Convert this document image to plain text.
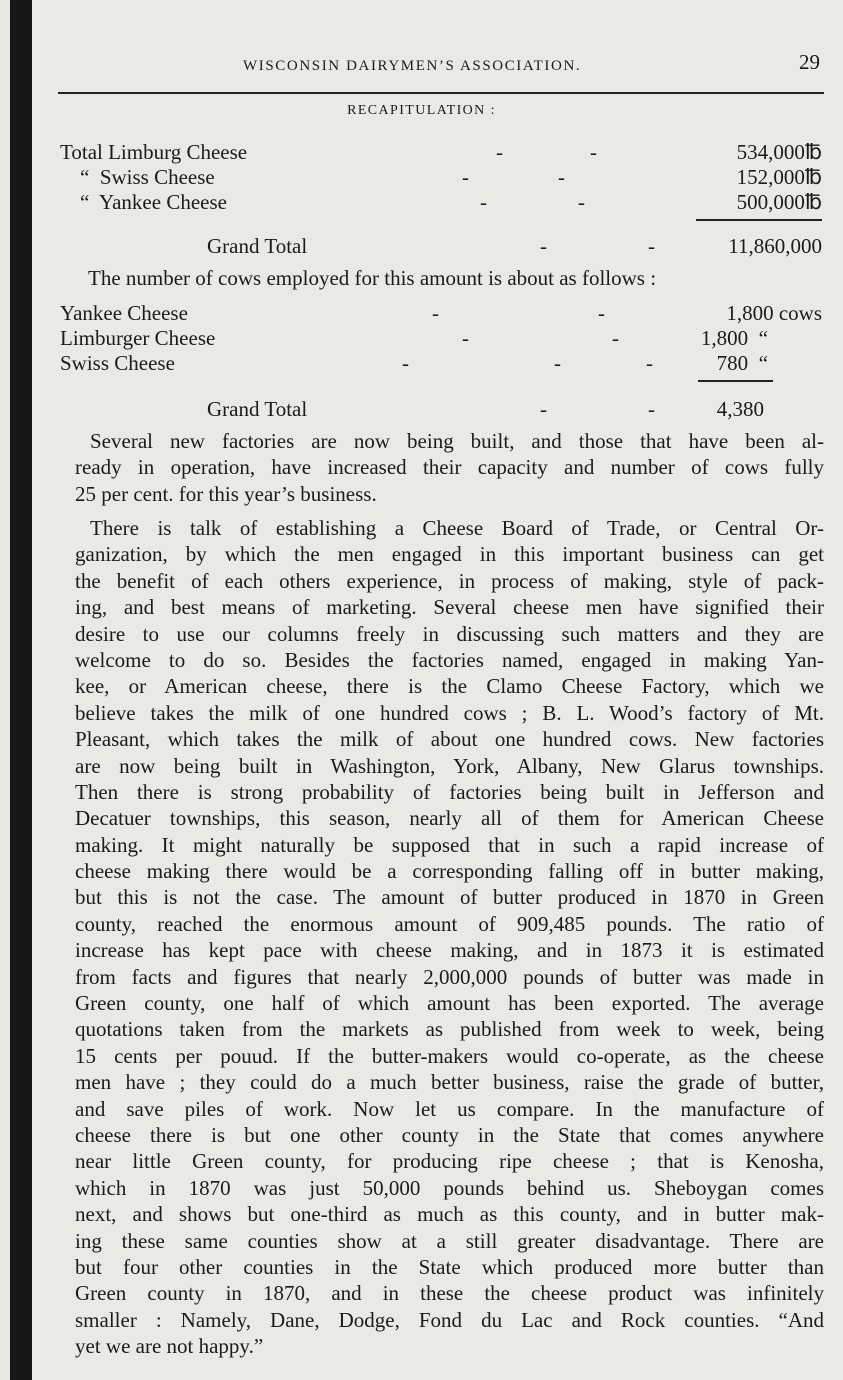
WISCONSIN DAIRYMEN’S ASSOCIATION.	29
RECAPITULATION :
Total Limburg Cheese	-	-	534,000℔
“  Swiss Cheese	-	-	152,000℔
“  Yankee Cheese	-	-	500,000℔
Grand Total	-	-	11,860,000
The number of cows employed for this amount is about as follows :
Yankee Cheese	-	-	1,800 cows
Limburger Cheese	-	-	1,800  “
Swiss Cheese	-	-	-	780  “
Grand Total	-	-	4,380
Several new factories are now being built, and those that have been al-
ready in operation, have increased their capacity and number of cows fully
25 per cent. for this year’s business.
There is talk of establishing a Cheese Board of Trade, or Central Or-
ganization, by which the men engaged in this important business can get
the benefit of each others experience, in process of making, style of pack-
ing, and best means of marketing. Several cheese men have signified their
desire to use our columns freely in discussing such matters and they are
welcome to do so. Besides the factories named, engaged in making Yan-
kee, or American cheese, there is the Clamo Cheese Factory, which we
believe takes the milk of one hundred cows ; B. L. Wood’s factory of Mt.
Pleasant, which takes the milk of about one hundred cows. New factories
are now being built in Washington, York, Albany, New Glarus townships.
Then there is strong probability of factories being built in Jefferson and
Decatuer townships, this season, nearly all of them for American Cheese
making. It might naturally be supposed that in such a rapid increase of
cheese making there would be a corresponding falling off in butter making,
but this is not the case. The amount of butter produced in 1870 in Green
county, reached the enormous amount of 909,485 pounds. The ratio of
increase has kept pace with cheese making, and in 1873 it is estimated
from facts and figures that nearly 2,000,000 pounds of butter was made in
Green county, one half of which amount has been exported. The average
quotations taken from the markets as published from week to week, being
15 cents per pouud. If the butter-makers would co-operate, as the cheese
men have ; they could do a much better business, raise the grade of butter,
and save piles of work. Now let us compare. In the manufacture of
cheese there is but one other county in the State that comes anywhere
near little Green county, for producing ripe cheese ; that is Kenosha,
which in 1870 was just 50,000 pounds behind us. Sheboygan comes
next, and shows but one-third as much as this county, and in butter mak-
ing these same counties show at a still greater disadvantage. There are
but four other counties in the State which produced more butter than
Green county in 1870, and in these the cheese product was infinitely
smaller : Namely, Dane, Dodge, Fond du Lac and Rock counties. “And
yet we are not happy.”
